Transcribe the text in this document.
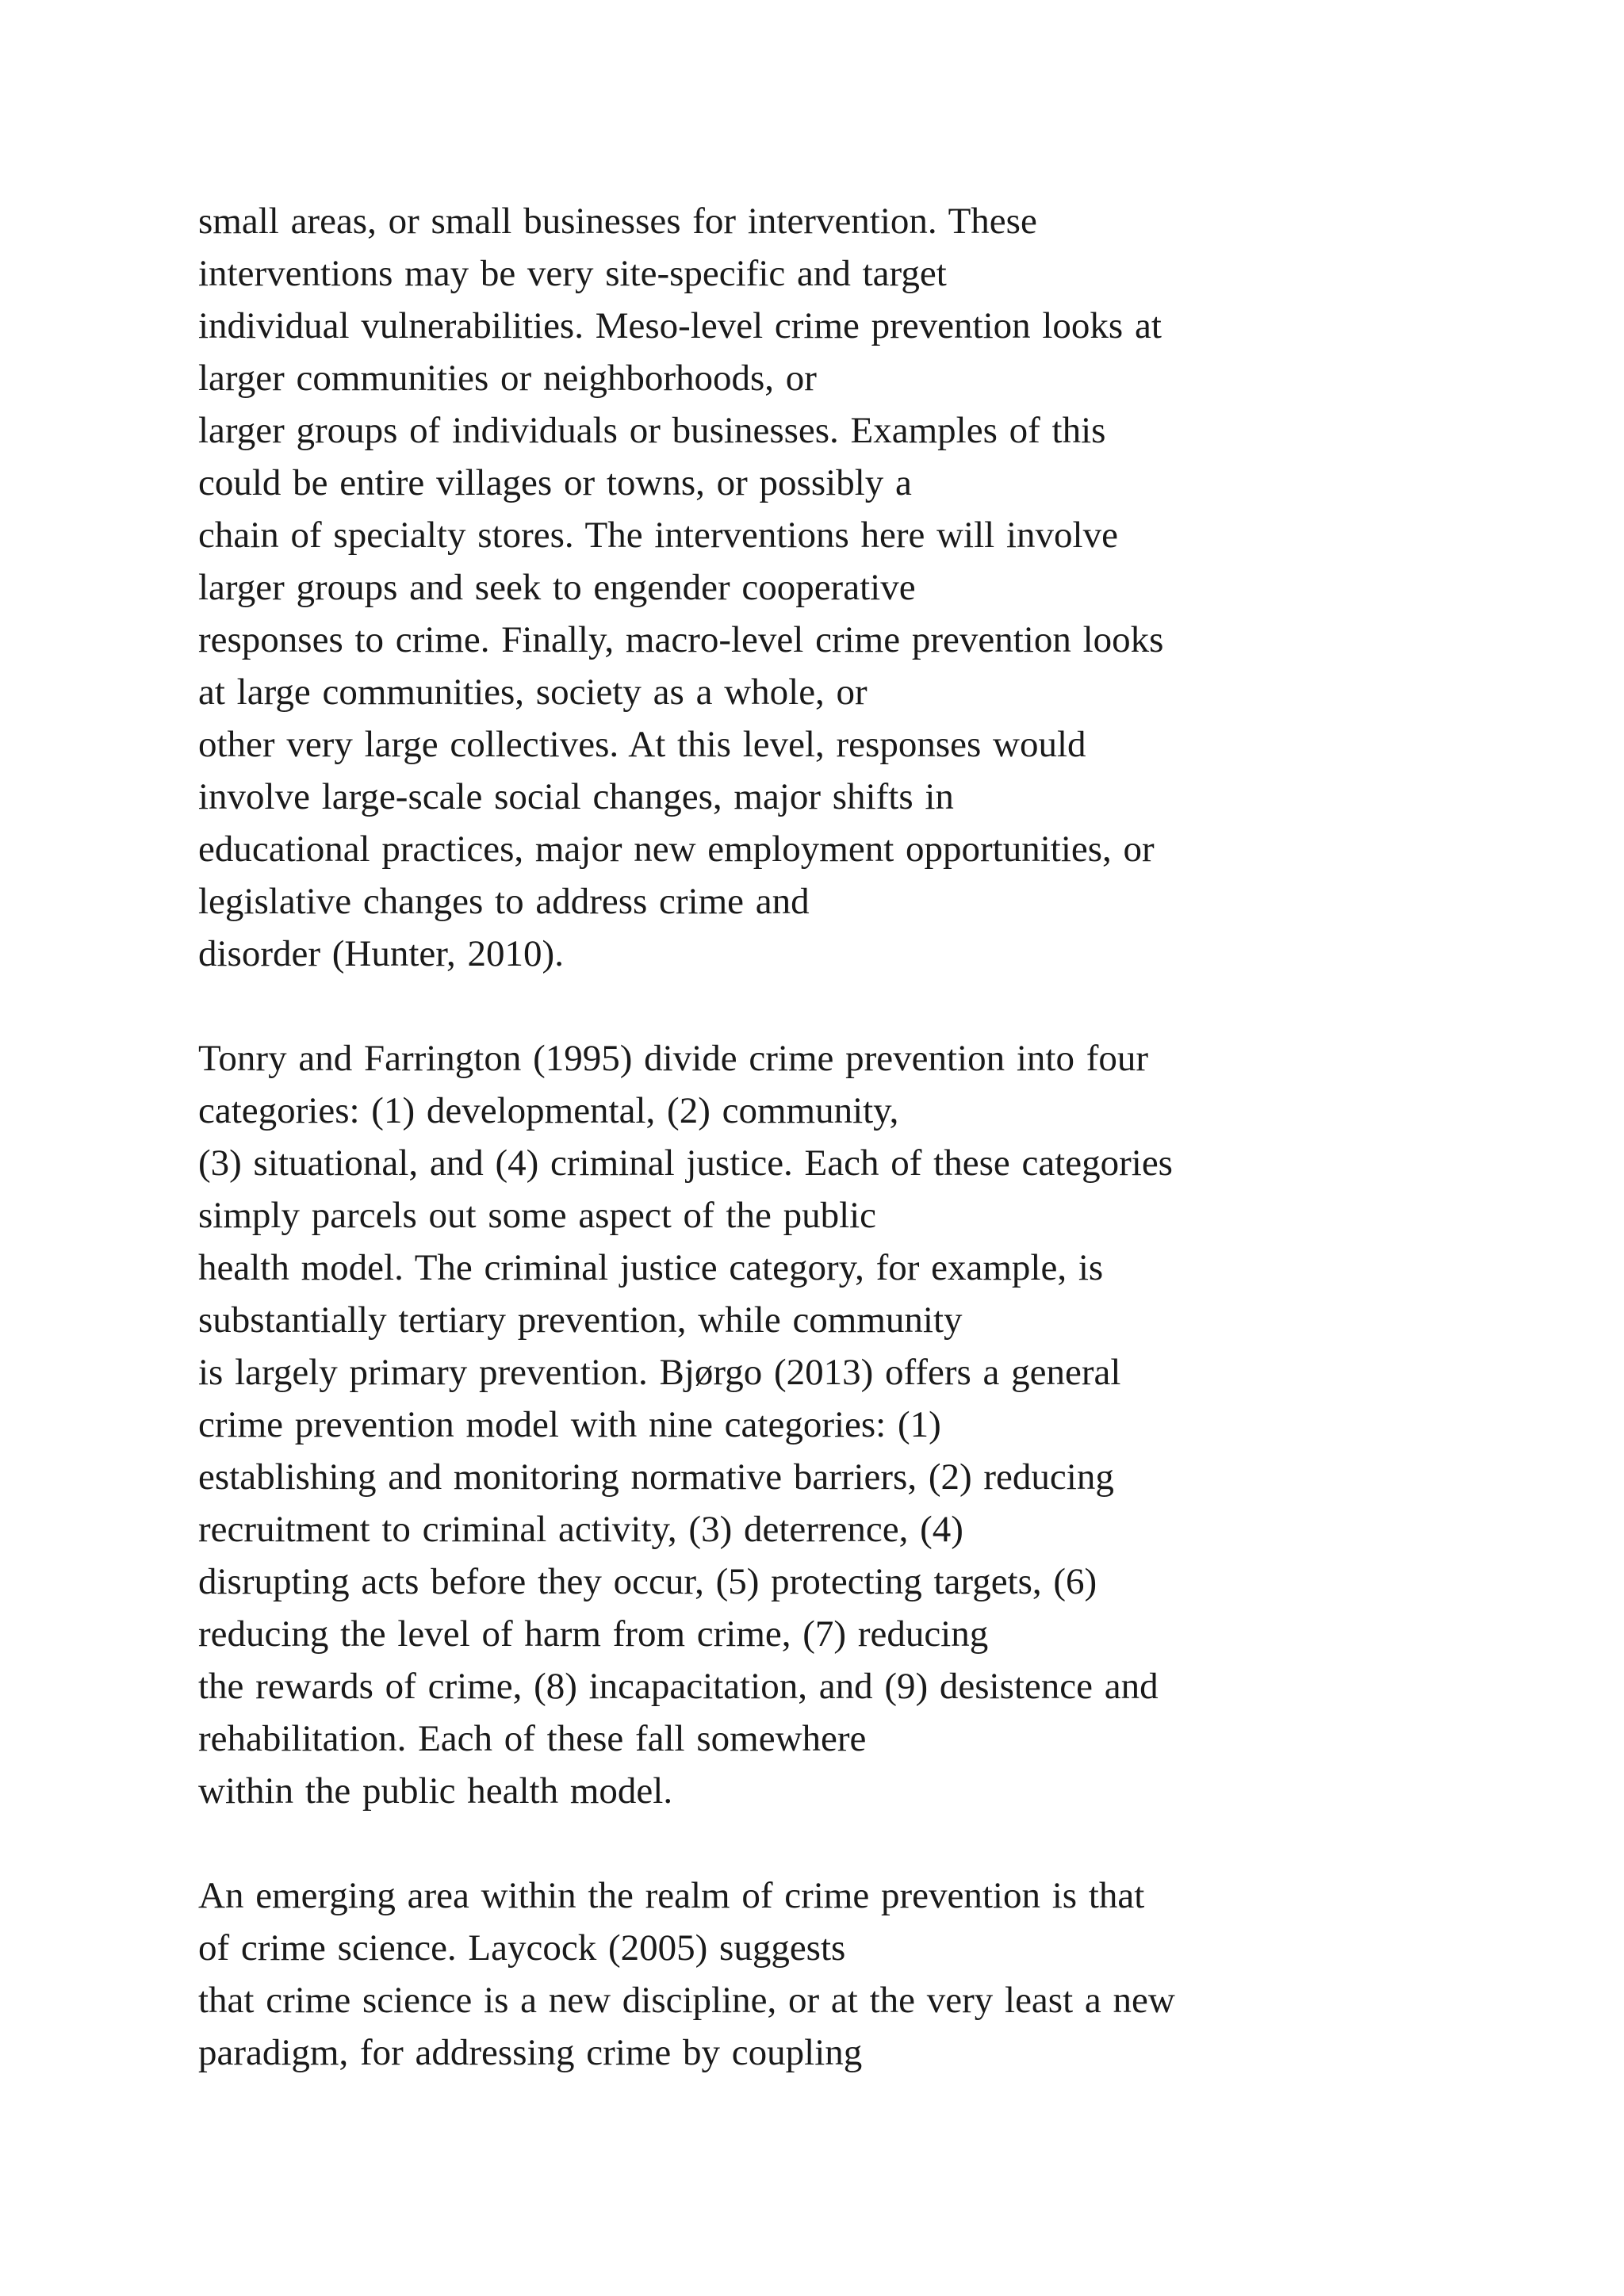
small areas, or small businesses for intervention. These
interventions may be very site-specific and target
individual vulnerabilities. Meso-level crime prevention looks at
larger communities or neighborhoods, or
larger groups of individuals or businesses. Examples of this
could be entire villages or towns, or possibly a
chain of specialty stores. The interventions here will involve
larger groups and seek to engender cooperative
responses to crime. Finally, macro-level crime prevention looks
at large communities, society as a whole, or
other very large collectives. At this level, responses would
involve large-scale social changes, major shifts in
educational practices, major new employment opportunities, or
legislative changes to address crime and
disorder (Hunter, 2010).
Tonry and Farrington (1995) divide crime prevention into four
categories: (1) developmental, (2) community,
(3) situational, and (4) criminal justice. Each of these categories
simply parcels out some aspect of the public
health model. The criminal justice category, for example, is
substantially tertiary prevention, while community
is largely primary prevention. Bjørgo (2013) offers a general
crime prevention model with nine categories: (1)
establishing and monitoring normative barriers, (2) reducing
recruitment to criminal activity, (3) deterrence, (4)
disrupting acts before they occur, (5) protecting targets, (6)
reducing the level of harm from crime, (7) reducing
the rewards of crime, (8) incapacitation, and (9) desistence and
rehabilitation. Each of these fall somewhere
within the public health model.
An emerging area within the realm of crime prevention is that
of crime science. Laycock (2005) suggests
that crime science is a new discipline, or at the very least a new
paradigm, for addressing crime by coupling
